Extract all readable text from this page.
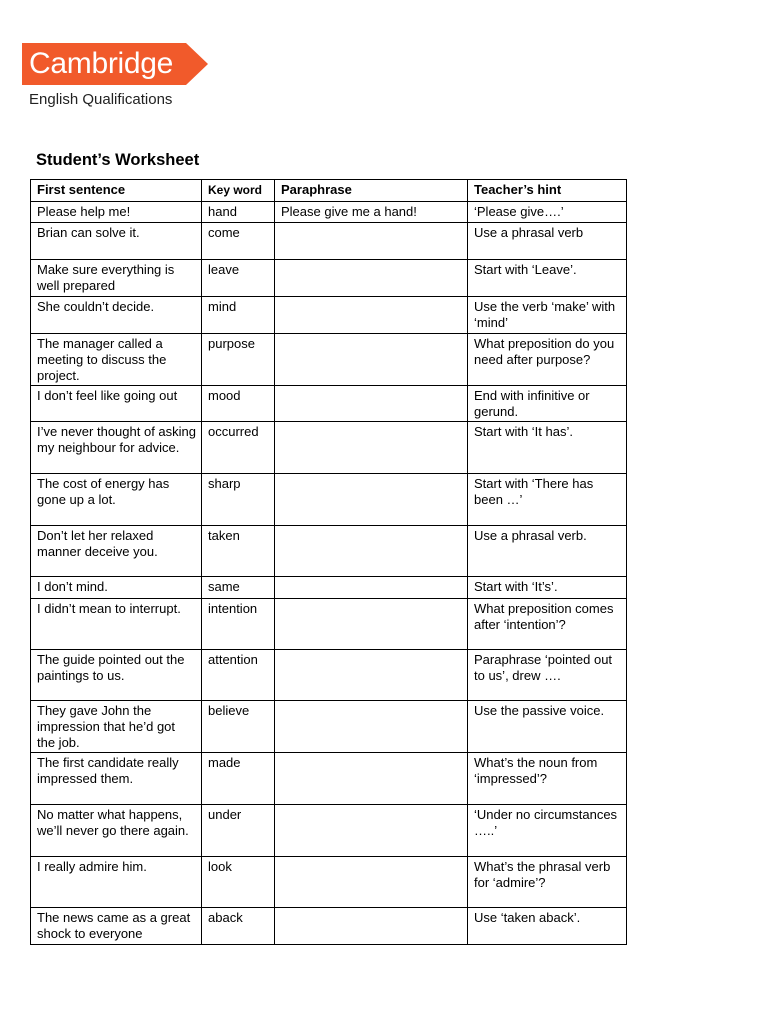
Cambridge
English Qualifications
Student’s Worksheet
First sentence	Key word	Paraphrase	Teacher’s hint
Please help me!	hand	Please give me a hand!	‘Please give….’
Brian can solve it.	come		Use a phrasal verb
Make sure everything is well prepared	leave		Start with ‘Leave’.
She couldn’t decide.	mind		Use the verb ‘make’ with ‘mind’
The manager called a meeting to discuss the project.	purpose		What preposition do you need after purpose?
I don’t feel like going out	mood		End with infinitive or gerund.
I’ve never thought of asking my neighbour for advice.	occurred		Start with ‘It has’.
The cost of energy has gone up a lot.	sharp		Start with ‘There has been …’
Don’t let her relaxed manner deceive you.	taken		Use a phrasal verb.
I don’t mind.	same		Start with ‘It’s’.
I didn’t mean to interrupt.	intention		What preposition comes after ‘intention’?
The guide pointed out the paintings to us.	attention		Paraphrase ‘pointed out to us’, drew ….
They gave John the impression that he’d got the job.	believe		Use the passive voice.
The first candidate really impressed them.	made		What’s the noun from ‘impressed’?
No matter what happens, we’ll never go there again.	under		‘Under no circumstances …..’
I really admire him.	look		What’s the phrasal verb for ‘admire’?
The news came as a great shock to everyone	aback		Use ‘taken aback’.
